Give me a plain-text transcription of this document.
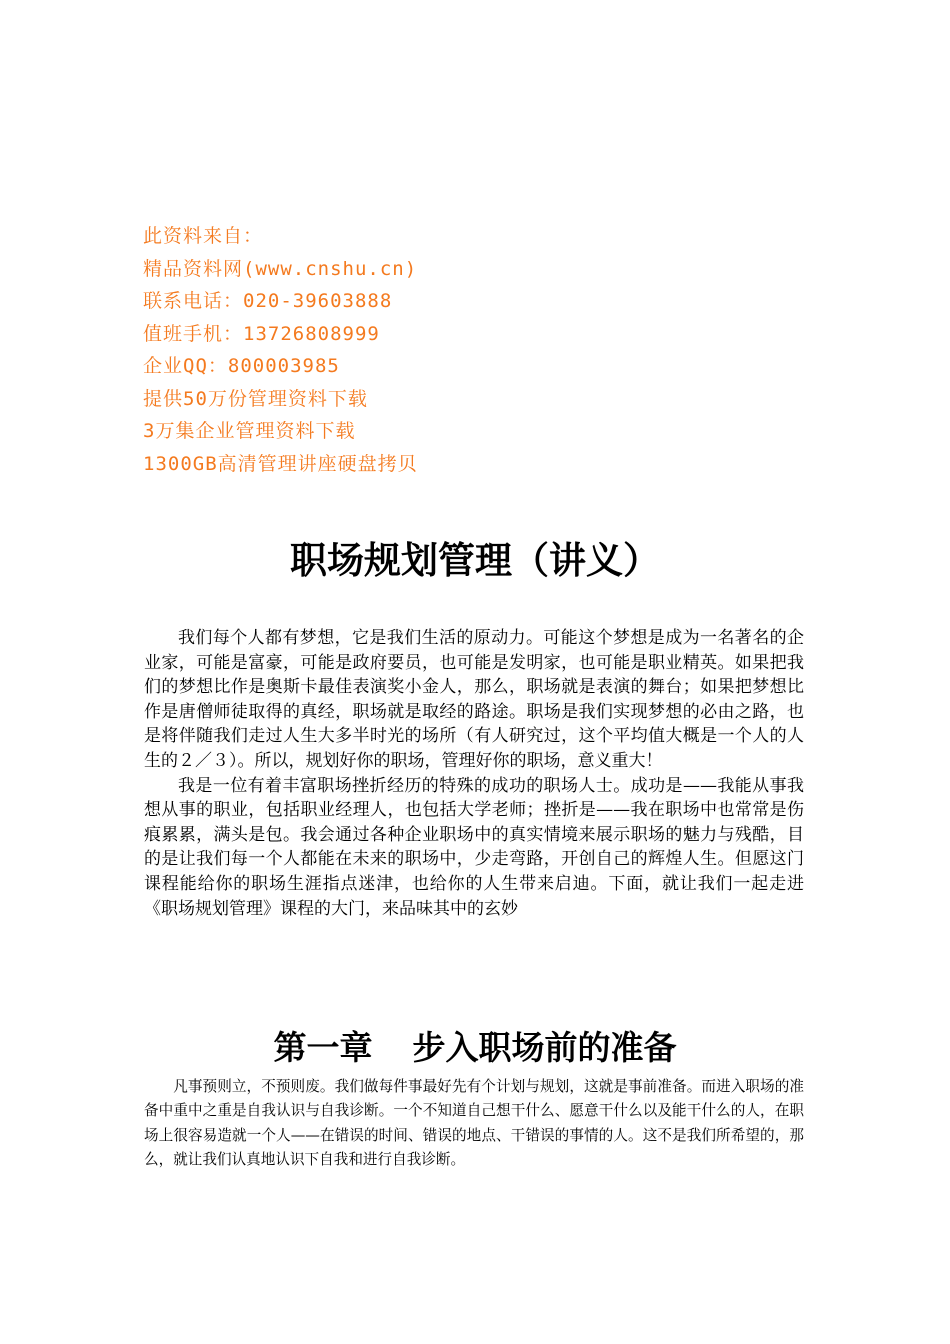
此资料来自：
精品资料网(www.cnshu.cn)
联系电话：020-39603888
值班手机：13726808999
企业QQ：800003985
提供50万份管理资料下载
3万集企业管理资料下载
1300GB高清管理讲座硬盘拷贝
职场规划管理（讲义）

我们每个人都有梦想，它是我们生活的原动力。可能这个梦想是成为一名著名的企业家，可能是富豪，可能是政府要员，也可能是发明家，也可能是职业精英。如果把我们的梦想比作是奥斯卡最佳表演奖小金人，那么，职场就是表演的舞台；如果把梦想比作是唐僧师徒取得的真经，职场就是取经的路途。职场是我们实现梦想的必由之路，也是将伴随我们走过人生大多半时光的场所（有人研究过，这个平均值大概是一个人的人生的２／３）。所以，规划好你的职场，管理好你的职场，意义重大！

我是一位有着丰富职场挫折经历的特殊的成功的职场人士。成功是——我能从事我想从事的职业，包括职业经理人，也包括大学老师；挫折是——我在职场中也常常是伤痕累累，满头是包。我会通过各种企业职场中的真实情境来展示职场的魅力与残酷，目的是让我们每一个人都能在未来的职场中，少走弯路，开创自己的辉煌人生。但愿这门课程能给你的职场生涯指点迷津，也给你的人生带来启迪。下面，就让我们一起走进《职场规划管理》课程的大门，来品味其中的玄妙

第一章 步入职场前的准备

凡事预则立，不预则废。我们做每件事最好先有个计划与规划，这就是事前准备。而进入职场的准备中重中之重是自我认识与自我诊断。一个不知道自己想干什么、愿意干什么以及能干什么的人，在职场上很容易造就一个人——在错误的时间、错误的地点、干错误的事情的人。这不是我们所希望的，那么，就让我们认真地认识下自我和进行自我诊断。
